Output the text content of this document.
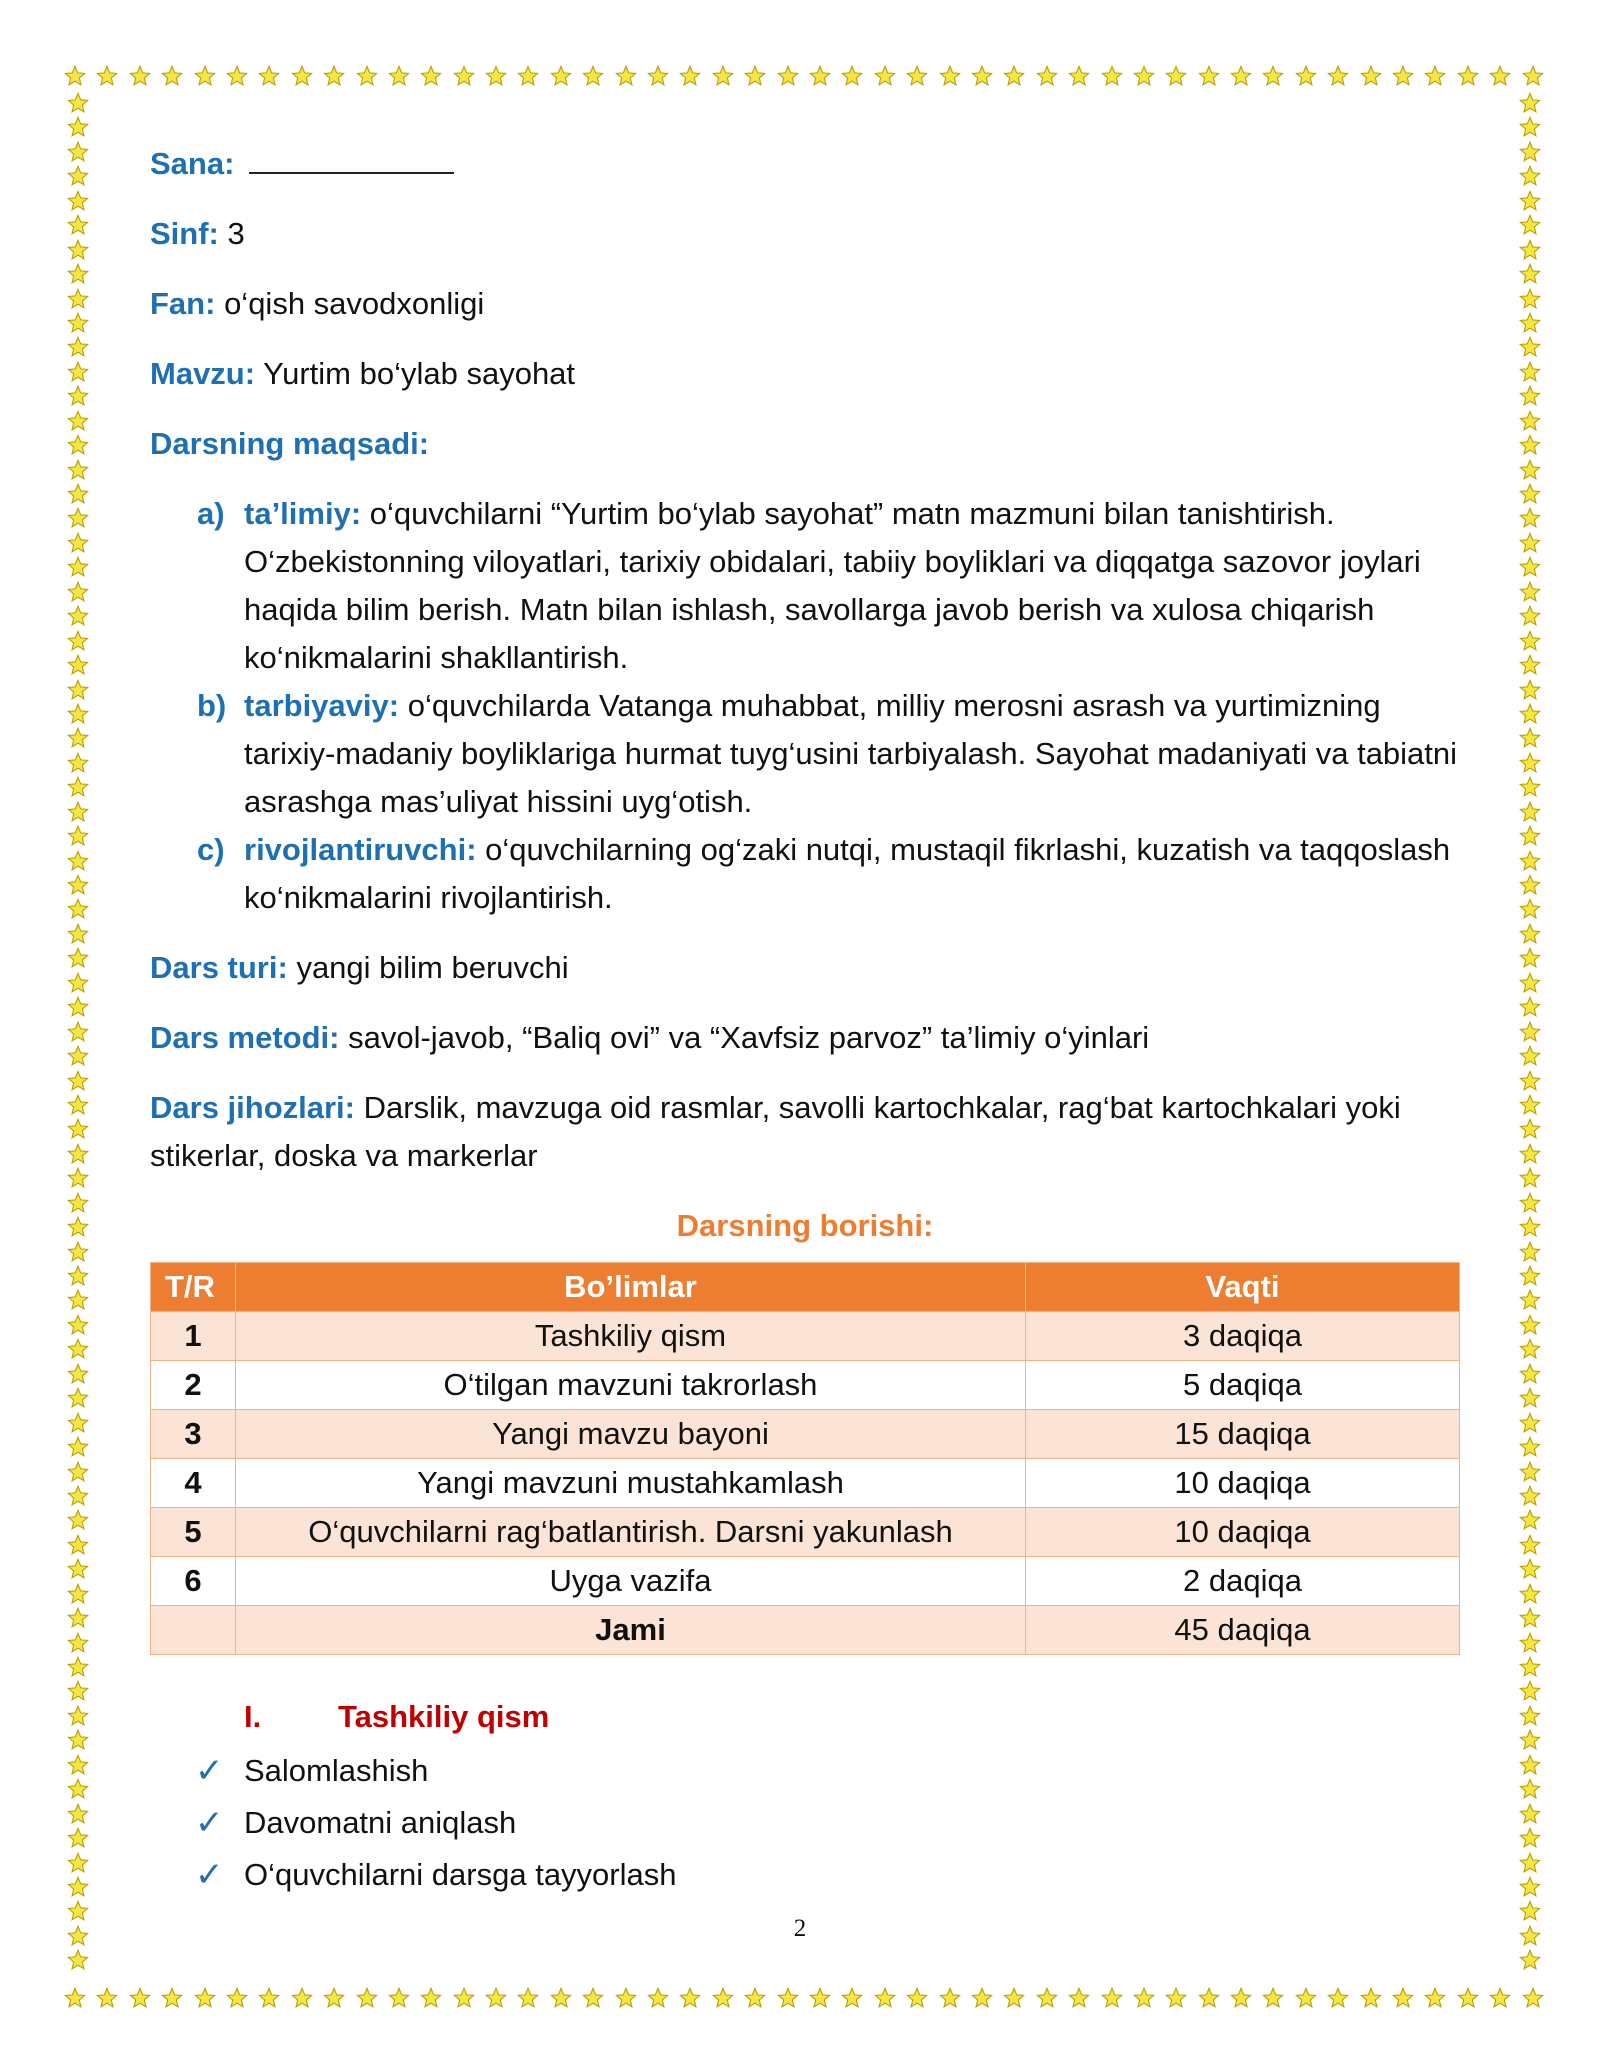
Sana:
Sinf: 3
Fan: o‘qish savodxonligi
Mavzu: Yurtim bo‘ylab sayohat
Darsning maqsadi:
a) ta’limiy: o‘quvchilarni “Yurtim bo‘ylab sayohat” matn mazmuni bilan tanishtirish. O‘zbekistonning viloyatlari, tarixiy obidalari, tabiiy boyliklari va diqqatga sazovor joylari haqida bilim berish. Matn bilan ishlash, savollarga javob berish va xulosa chiqarish ko‘nikmalarini shakllantirish.
b) tarbiyaviy: o‘quvchilarda Vatanga muhabbat, milliy merosni asrash va yurtimizning tarixiy-madaniy boyliklariga hurmat tuyg‘usini tarbiyalash. Sayohat madaniyati va tabiatni asrashga mas’uliyat hissini uyg‘otish.
c) rivojlantiruvchi: o‘quvchilarning og‘zaki nutqi, mustaqil fikrlashi, kuzatish va taqqoslash ko‘nikmalarini rivojlantirish.
Dars turi: yangi bilim beruvchi
Dars metodi: savol-javob, “Baliq ovi” va “Xavfsiz parvoz” ta’limiy o‘yinlari
Dars jihozlari: Darslik, mavzuga oid rasmlar, savolli kartochkalar, rag‘bat kartochkalari yoki stikerlar, doska va markerlar
Darsning borishi:
T/R	Bo’limlar	Vaqti
1	Tashkiliy qism	3 daqiqa
2	O‘tilgan mavzuni takrorlash	5 daqiqa
3	Yangi mavzu bayoni	15 daqiqa
4	Yangi mavzuni mustahkamlash	10 daqiqa
5	O‘quvchilarni rag‘batlantirish. Darsni yakunlash	10 daqiqa
6	Uyga vazifa	2 daqiqa
	Jami	45 daqiqa
I. Tashkiliy qism
✓ Salomlashish
✓ Davomatni aniqlash
✓ O‘quvchilarni darsga tayyorlash
2
